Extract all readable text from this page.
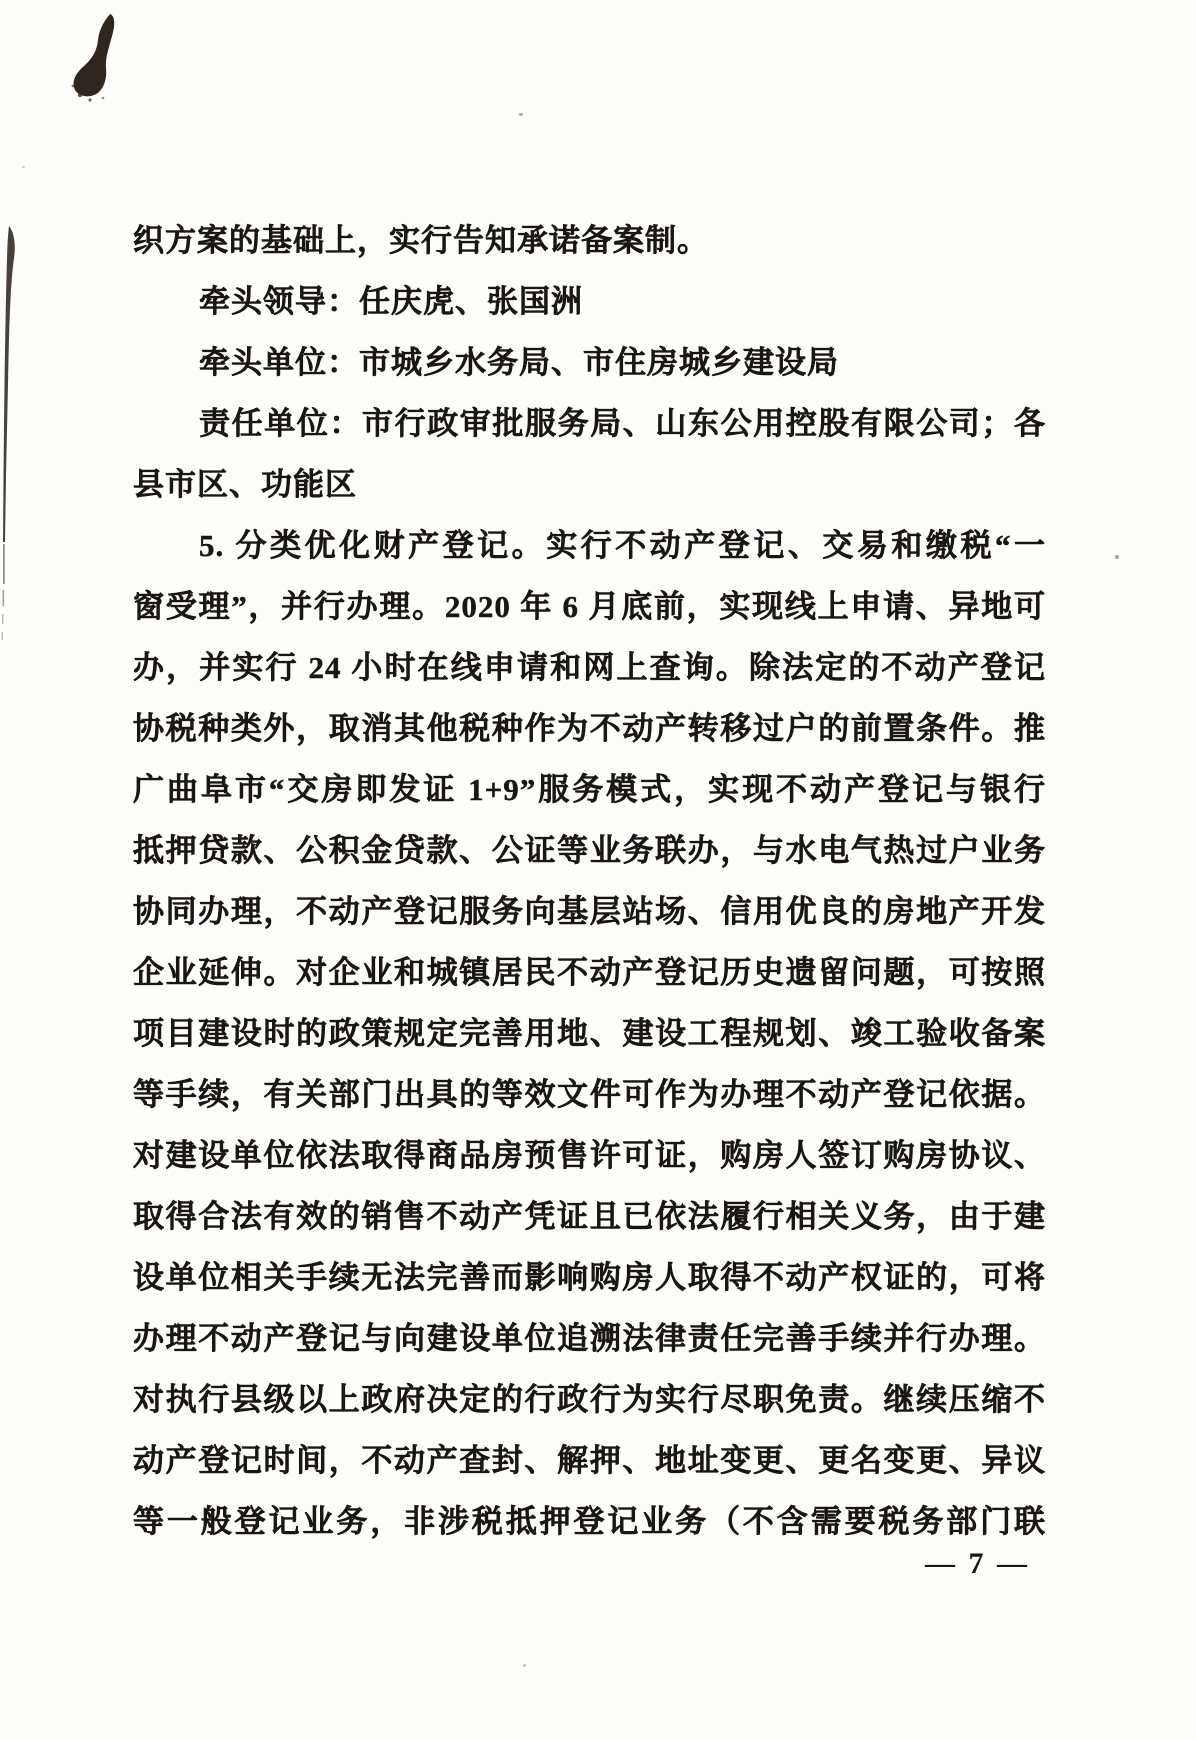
织方案的基础上，实行告知承诺备案制。

牵头领导：任庆虎、张国洲

牵头单位：市城乡水务局、市住房城乡建设局

责任单位：市行政审批服务局、山东公用控股有限公司；各

县市区、功能区

5. 分类优化财产登记。实行不动产登记、交易和缴税“一

窗受理”，并行办理。2020 年 6 月底前，实现线上申请、异地可

办，并实行 24 小时在线申请和网上查询。除法定的不动产登记

协税种类外，取消其他税种作为不动产转移过户的前置条件。推

广曲阜市“交房即发证 1+9”服务模式，实现不动产登记与银行

抵押贷款、公积金贷款、公证等业务联办，与水电气热过户业务

协同办理，不动产登记服务向基层站场、信用优良的房地产开发

企业延伸。对企业和城镇居民不动产登记历史遗留问题，可按照

项目建设时的政策规定完善用地、建设工程规划、竣工验收备案

等手续，有关部门出具的等效文件可作为办理不动产登记依据。

对建设单位依法取得商品房预售许可证，购房人签订购房协议、

取得合法有效的销售不动产凭证且已依法履行相关义务，由于建

设单位相关手续无法完善而影响购房人取得不动产权证的，可将

办理不动产登记与向建设单位追溯法律责任完善手续并行办理。

对执行县级以上政府决定的行政行为实行尽职免责。继续压缩不

动产登记时间，不动产查封、解押、地址变更、更名变更、异议

等一般登记业务，非涉税抵押登记业务（不含需要税务部门联

— 7 —
